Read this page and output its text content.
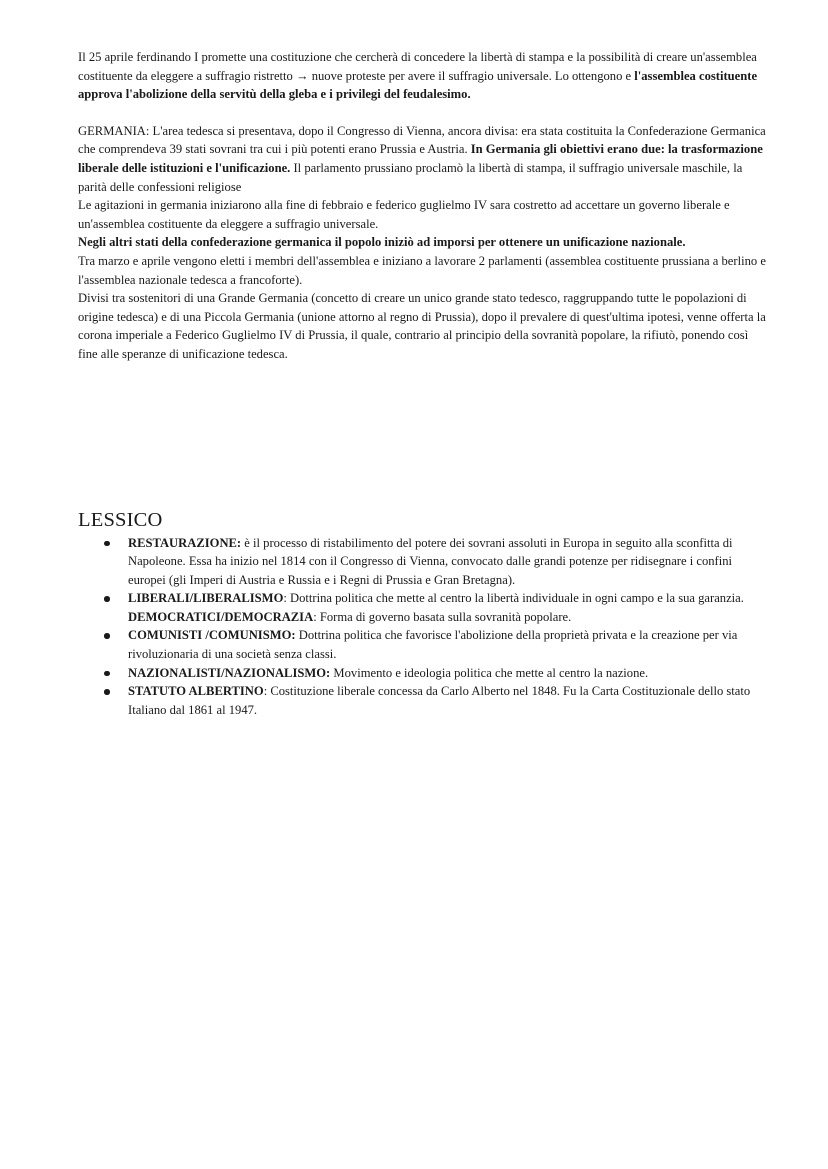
Il 25 aprile ferdinando I promette una costituzione che cercherà di concedere la libertà di stampa e la possibilità di creare un'assemblea costituente da eleggere a suffragio ristretto → nuove proteste per avere il suffragio universale. Lo ottengono e l'assemblea costituente approva l'abolizione della servitù della gleba e i privilegi del feudalesimo.

GERMANIA: L'area tedesca si presentava, dopo il Congresso di Vienna, ancora divisa: era stata costituita la Confederazione Germanica che comprendeva 39 stati sovrani tra cui i più potenti erano Prussia e Austria. In Germania gli obiettivi erano due: la trasformazione liberale delle istituzioni e l'unificazione. Il parlamento prussiano proclamò la libertà di stampa, il suffragio universale maschile, la parità delle confessioni religiose

Le agitazioni in germania iniziarono alla fine di febbraio e federico guglielmo IV sara costretto ad accettare un governo liberale e un'assemblea costituente da eleggere a suffragio universale.

Negli altri stati della confederazione germanica il popolo iniziò ad imporsi per ottenere un unificazione nazionale.

Tra marzo e aprile vengono eletti i membri dell'assemblea e iniziano a lavorare 2 parlamenti (assemblea costituente prussiana a berlino e l'assemblea nazionale tedesca a francoforte).

Divisi tra sostenitori di una Grande Germania (concetto di creare un unico grande stato tedesco, raggruppando tutte le popolazioni di origine tedesca) e di una Piccola Germania (unione attorno al regno di Prussia), dopo il prevalere di quest'ultima ipotesi, venne offerta la corona imperiale a Federico Guglielmo IV di Prussia, il quale, contrario al principio della sovranità popolare, la rifiutò, ponendo così fine alle speranze di unificazione tedesca.

LESSICO
RESTAURAZIONE: è il processo di ristabilimento del potere dei sovrani assoluti in Europa in seguito alla sconfitta di Napoleone. Essa ha inizio nel 1814 con il Congresso di Vienna, convocato dalle grandi potenze per ridisegnare i confini europei (gli Imperi di Austria e Russia e i Regni di Prussia e Gran Bretagna).
LIBERALI/LIBERALISMO: Dottrina politica che mette al centro la libertà individuale in ogni campo e la sua garanzia. DEMOCRATICI/DEMOCRAZIA: Forma di governo basata sulla sovranità popolare.
COMUNISTI /COMUNISMO: Dottrina politica che favorisce l'abolizione della proprietà privata e la creazione per via rivoluzionaria di una società senza classi.
NAZIONALISTI/NAZIONALISMO: Movimento e ideologia politica che mette al centro la nazione.
STATUTO ALBERTINO: Costituzione liberale concessa da Carlo Alberto nel 1848. Fu la Carta Costituzionale dello stato Italiano dal 1861 al 1947.
